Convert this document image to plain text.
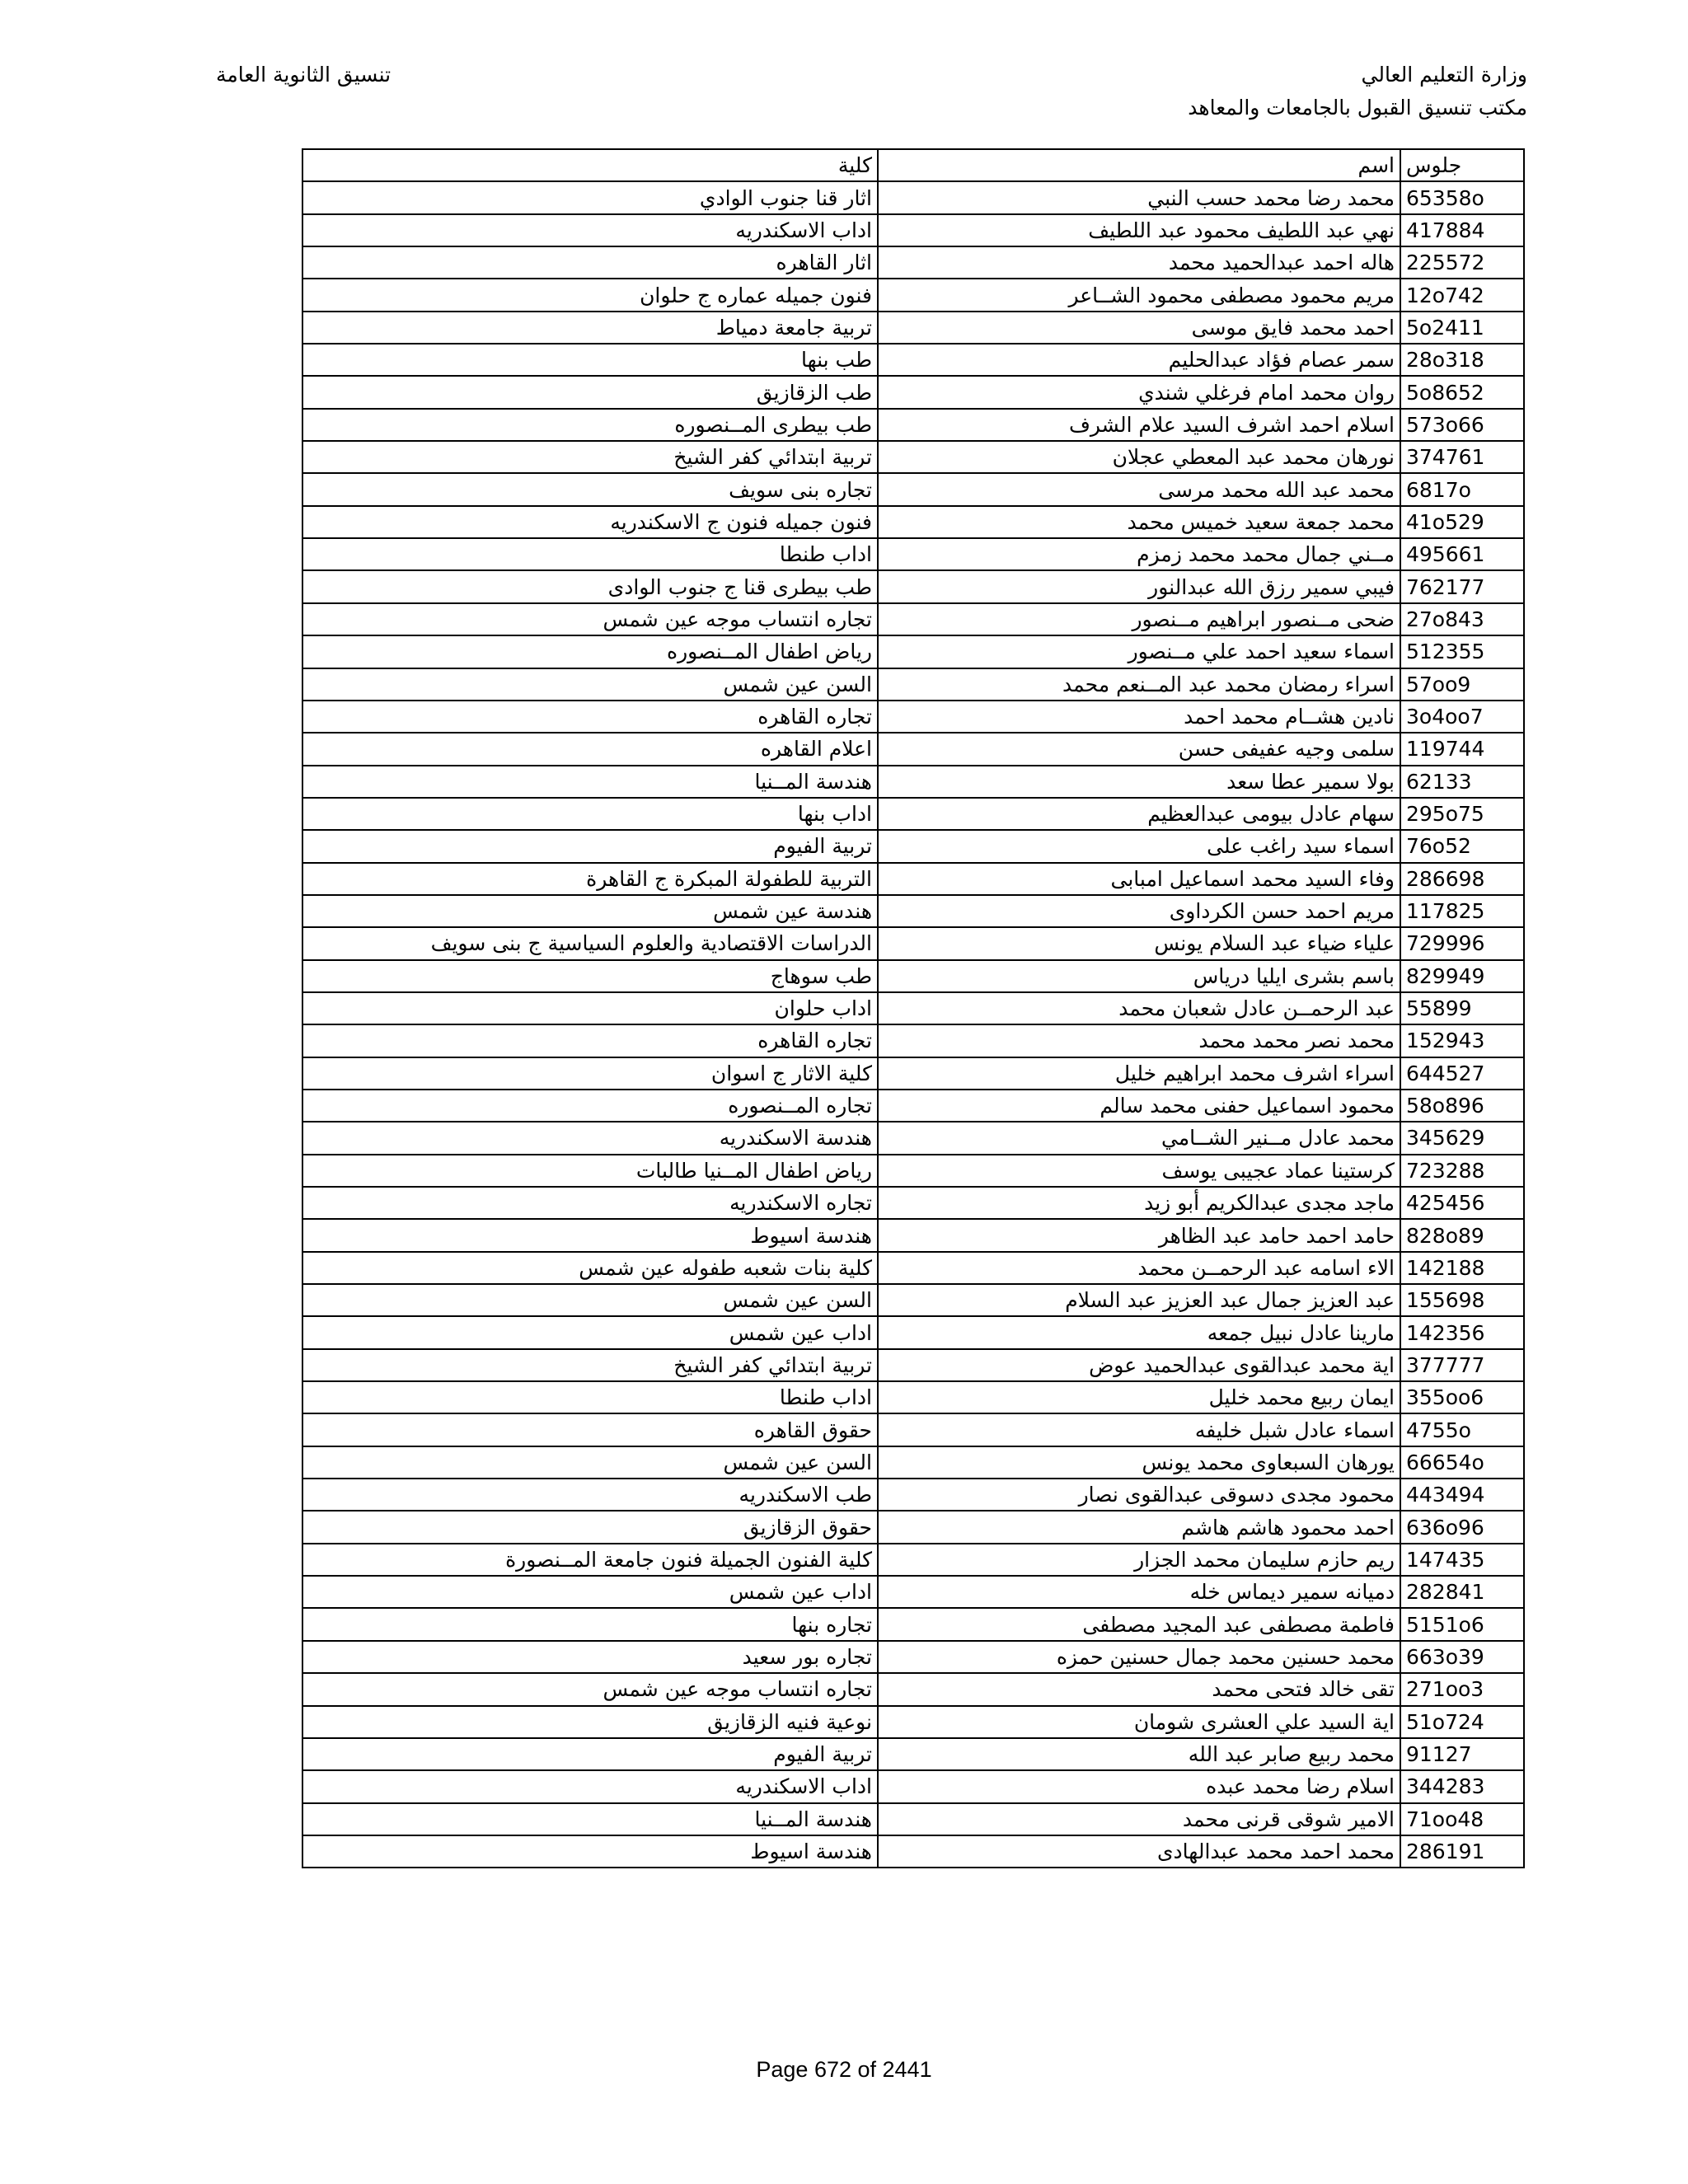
وزارة التعليم العالي
مكتب تنسيق القبول بالجامعات والمعاهد
تنسيق الثانوية العامة
جلوس	اسم	كلية
65358o	محمد رضا محمد حسب النبي	اثار قنا جنوب الوادي
417884	نهي عبد اللطيف محمود عبد اللطيف	اداب الاسكندريه
225572	هاله احمد عبدالحميد محمد	اثار القاهره
12o742	مريم محمود مصطفى محمود الشــاعر	فنون جميله عماره ج حلوان
5o2411	احمد محمد فايق موسى	تربية جامعة دمياط
28o318	سمر عصام فؤاد عبدالحليم	طب بنها
5o8652	روان محمد امام فرغلي شندي	طب الزقازيق
573o66	اسلام احمد اشرف السيد علام الشرف	طب بيطرى المــنصوره
374761	نورهان محمد عبد المعطي عجلان	تربية ابتدائي كفر الشيخ
6817o	محمد عبد الله محمد مرسى	تجاره بنى سويف
41o529	محمد جمعة سعيد خميس محمد	فنون جميله فنون ج الاسكندريه
495661	مــني جمال محمد محمد زمزم	اداب طنطا
762177	فيبي سمير رزق الله عبدالنور	طب بيطرى قنا ج جنوب الوادى
27o843	ضحى مــنصور ابراهيم مــنصور	تجاره انتساب موجه عين شمس
512355	اسماء سعيد احمد علي مــنصور	رياض اطفال المــنصوره
57oo9	اسراء رمضان محمد عبد المــنعم محمد	السن عين شمس
3o4oo7	نادين هشــام محمد احمد	تجاره القاهره
119744	سلمى وجيه عفيفى حسن	اعلام القاهره
62133	بولا سمير عطا سعد	هندسة المــنيا
295o75	سهام عادل بيومى عبدالعظيم	اداب بنها
76o52	اسماء سيد راغب على	تربية الفيوم
286698	وفاء السيد محمد اسماعيل امبابى	التربية للطفولة المبكرة ج القاهرة
117825	مريم احمد حسن الكرداوى	هندسة عين شمس
729996	علياء ضياء عبد السلام يونس	الدراسات الاقتصادية والعلوم السياسية ج بنى سويف
829949	باسم بشرى ايليا درياس	طب سوهاج
55899	عبد الرحمــن عادل شعبان محمد	اداب حلوان
152943	محمد نصر محمد محمد	تجاره القاهره
644527	اسراء اشرف محمد ابراهيم خليل	كلية الاثار ج اسوان
58o896	محمود اسماعيل حفنى محمد سالم	تجاره المــنصوره
345629	محمد عادل مــنير الشــامي	هندسة الاسكندريه
723288	كرستينا عماد عجيبى يوسف	رياض اطفال المــنيا طالبات
425456	ماجد مجدى عبدالكريم أبو زيد	تجاره الاسكندريه
828o89	حامد احمد حامد عبد الظاهر	هندسة اسيوط
142188	الاء اسامه عبد الرحمــن محمد	كلية بنات شعبه طفوله عين شمس
155698	عبد العزيز جمال عبد العزيز عبد السلام	السن عين شمس
142356	مارينا عادل نبيل جمعه	اداب عين شمس
377777	اية محمد عبدالقوى عبدالحميد عوض	تربية ابتدائي كفر الشيخ
355oo6	ايمان ربيع محمد خليل	اداب طنطا
4755o	اسماء عادل شبل خليفه	حقوق القاهره
66654o	يورهان السبعاوى محمد يونس	السن عين شمس
443494	محمود مجدى دسوقى عبدالقوى نصار	طب الاسكندريه
636o96	احمد محمود هاشم هاشم	حقوق الزقازيق
147435	ريم حازم سليمان محمد الجزار	كلية الفنون الجميلة فنون جامعة المــنصورة
282841	دميانه سمير ديماس خله	اداب عين شمس
5151o6	فاطمة مصطفى عبد المجيد مصطفى	تجاره بنها
663o39	محمد حسنين محمد جمال حسنين حمزه	تجاره بور سعيد
271oo3	تقى خالد فتحى محمد	تجاره انتساب موجه عين شمس
51o724	اية السيد علي العشرى شومان	نوعية فنيه الزقازيق
91127	محمد ربيع صابر عبد الله	تربية الفيوم
344283	اسلام رضا محمد عبده	اداب الاسكندريه
71oo48	الامير شوقى قرنى محمد	هندسة المــنيا
286191	محمد احمد محمد عبدالهادى	هندسة اسيوط
Page 672 of 2441
